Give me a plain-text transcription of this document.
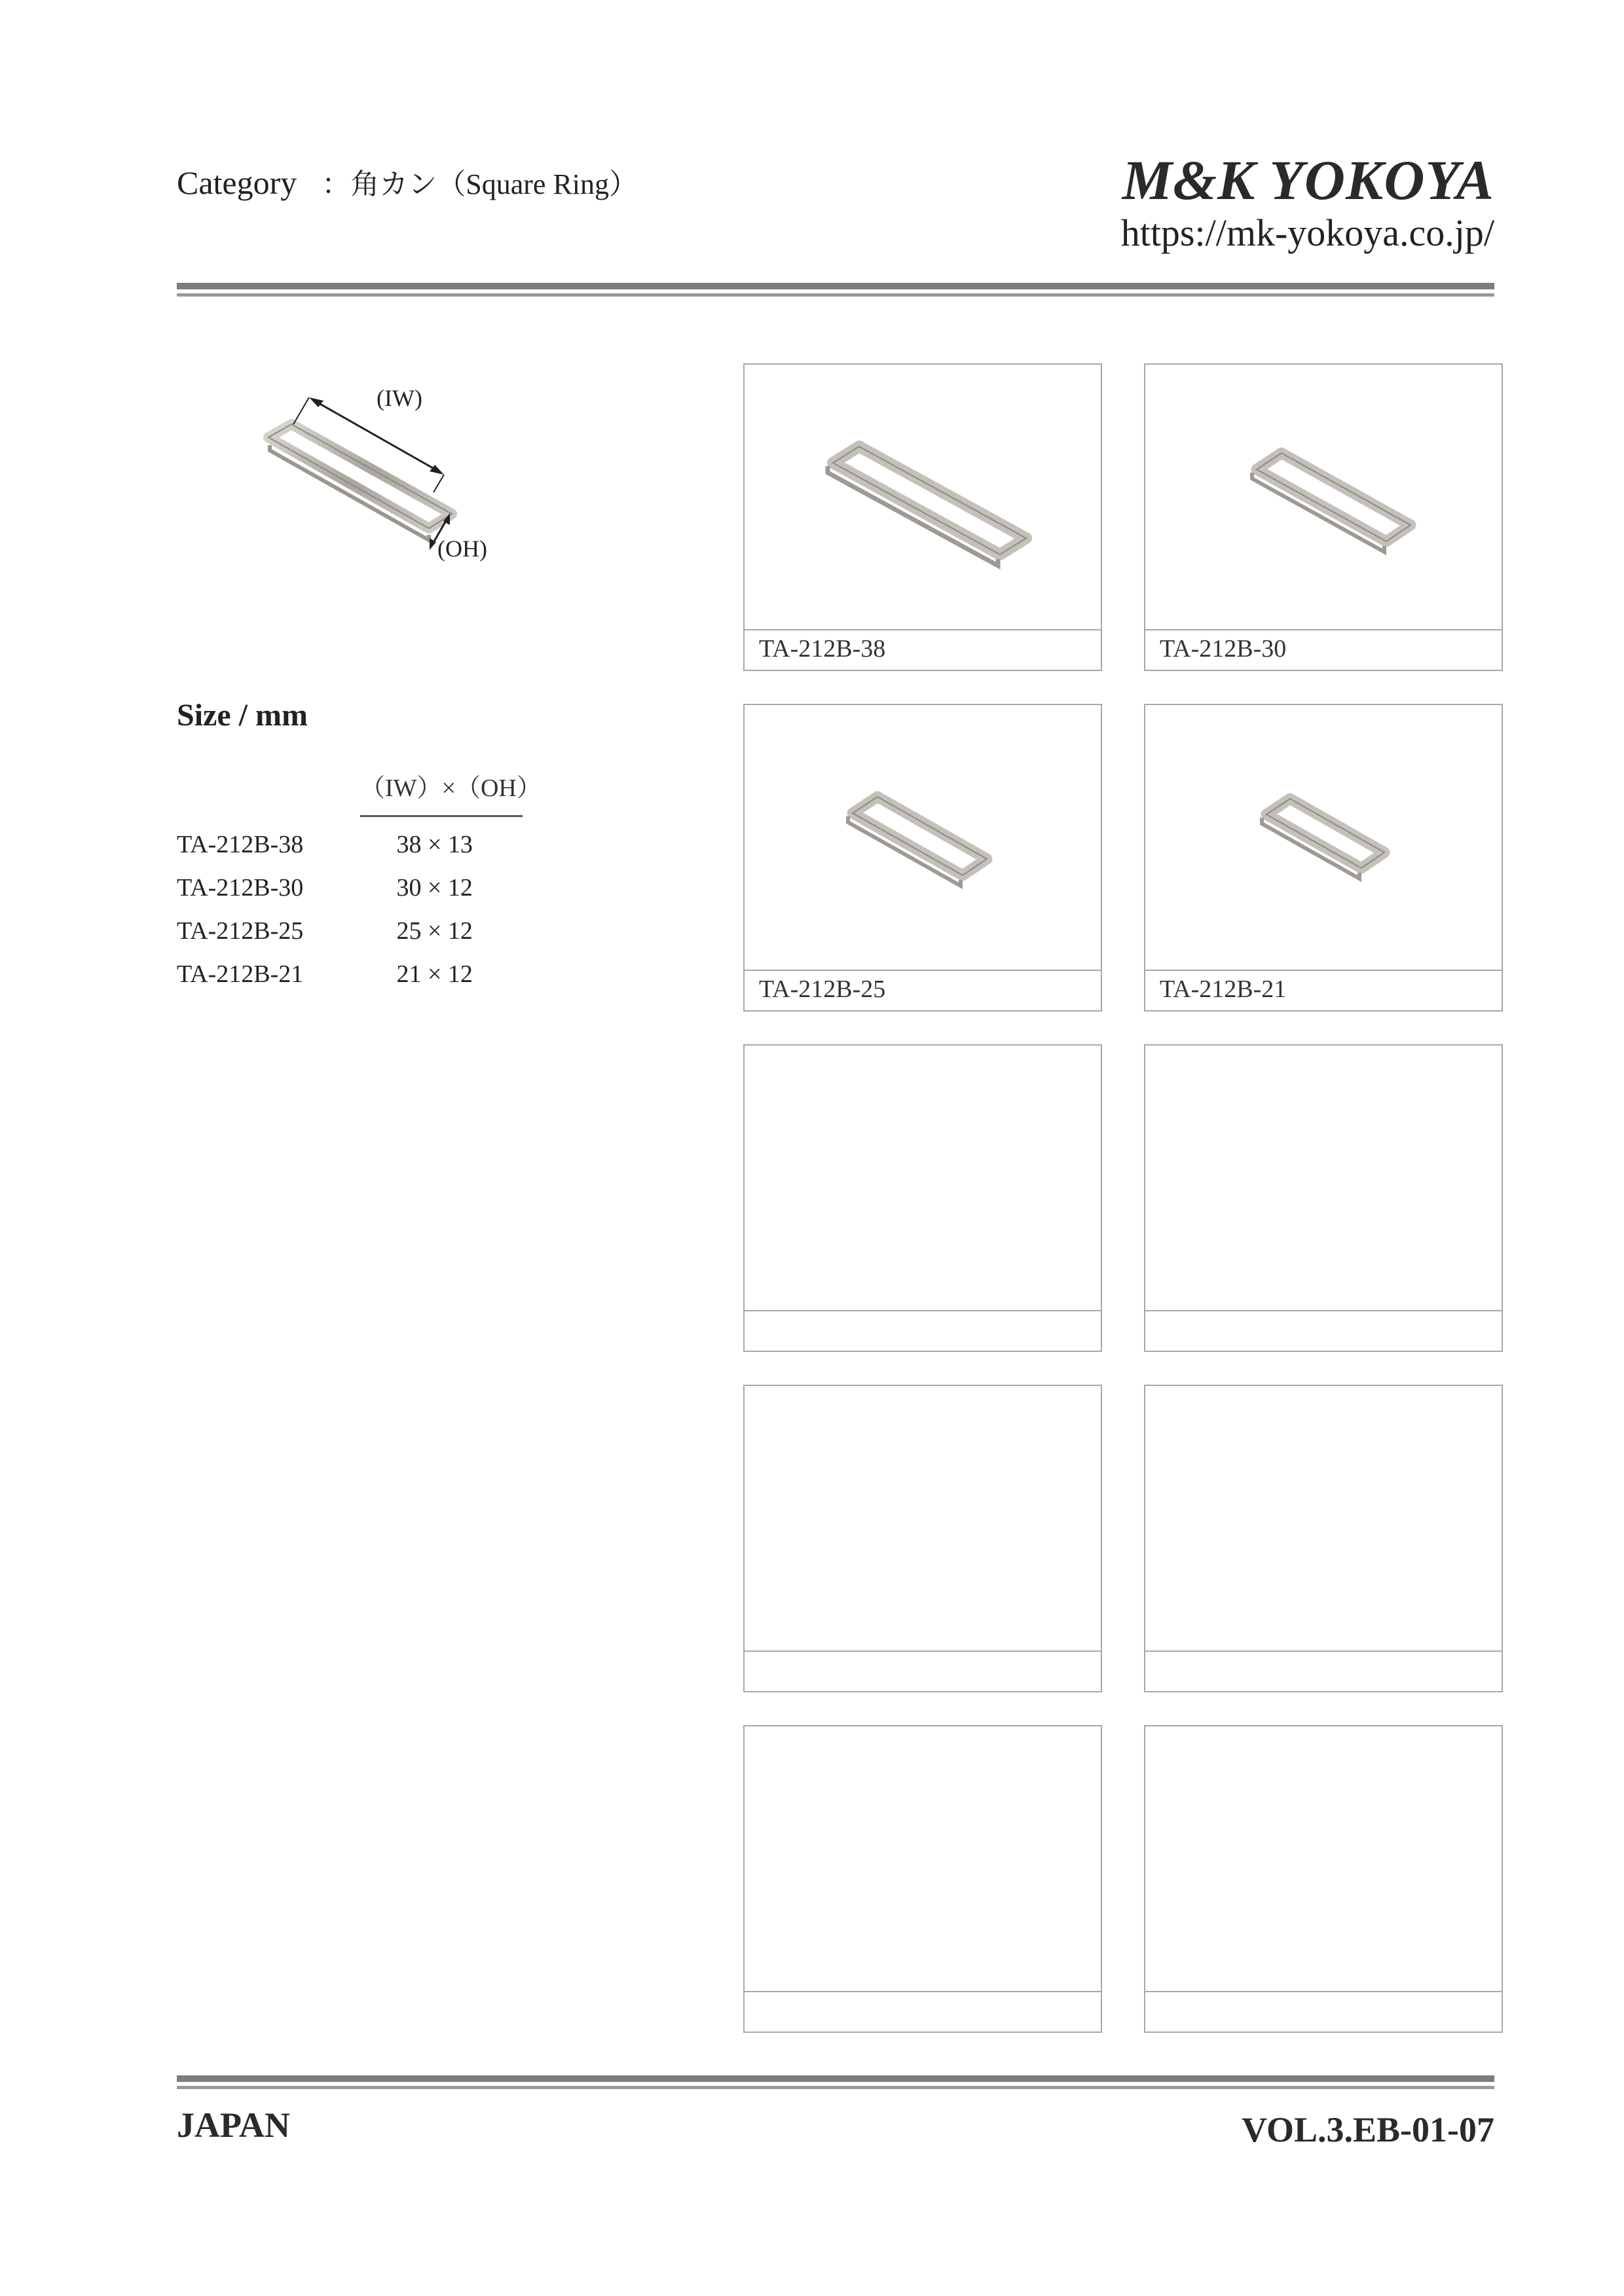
Category ：角カン（Square Ring）	M&K YOKOYA
https://mk-yokoya.co.jp/
(IW)
(OH)
Size / mm
（IW）×（OH）
TA-212B-38	38 × 13
TA-212B-30	30 × 12
TA-212B-25	25 × 12
TA-212B-21	21 × 12
TA-212B-38	TA-212B-30
TA-212B-25	TA-212B-21
JAPAN	VOL.3.EB-01-07
